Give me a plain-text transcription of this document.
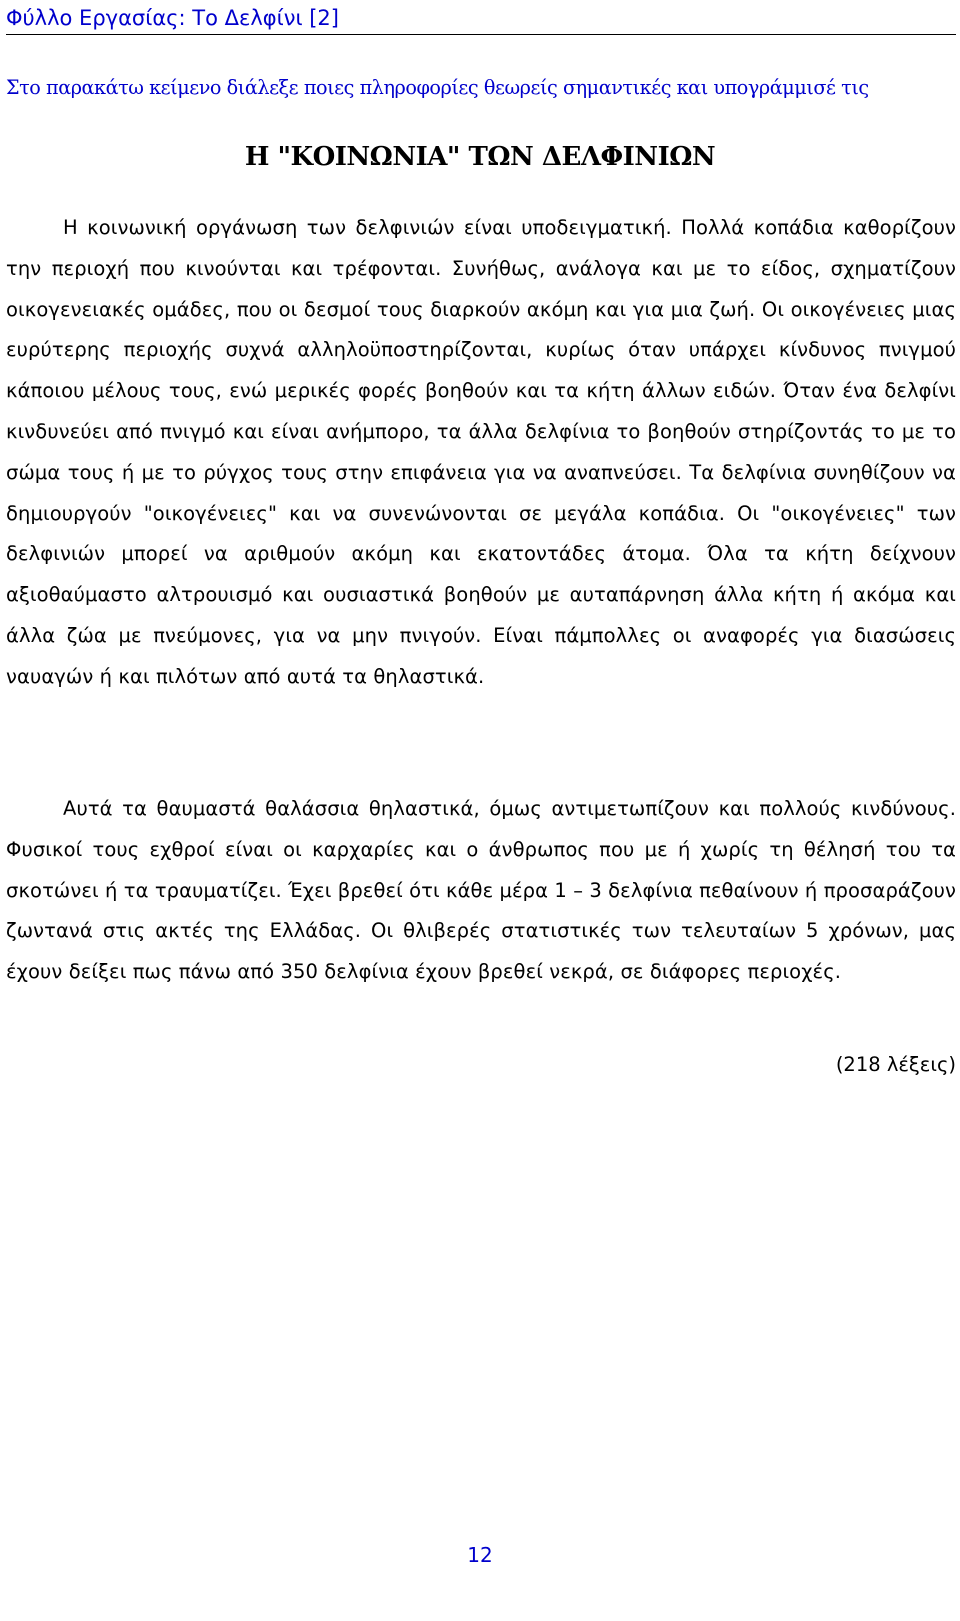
Φύλλο Εργασίας: Το Δελφίνι [2]
Στο παρακάτω κείμενο διάλεξε ποιες πληροφορίες θεωρείς σημαντικές και υπογράμμισέ τις
Η "ΚΟΙΝΩΝΙΑ" ΤΩΝ ΔΕΛΦΙΝΙΩΝ

Η κοινωνική οργάνωση των δελφινιών είναι υποδειγματική. Πολλά κοπάδια καθορίζουν την περιοχή που κινούνται και τρέφονται. Συνήθως, ανάλογα και με το είδος, σχηματίζουν οικογενειακές ομάδες, που οι δεσμοί τους διαρκούν ακόμη και για μια ζωή. Οι οικογένειες μιας ευρύτερης περιοχής συχνά αλληλοϋποστηρίζονται, κυρίως όταν υπάρχει κίνδυνος πνιγμού κάποιου μέλους τους, ενώ μερικές φορές βοηθούν και τα κήτη άλλων ειδών. Όταν ένα δελφίνι κινδυνεύει από πνιγμό και είναι ανήμπορο, τα άλλα δελφίνια το βοηθούν στηρίζοντάς το με το σώμα τους ή με το ρύγχος τους στην επιφάνεια για να αναπνεύσει. Τα δελφίνια συνηθίζουν να δημιουργούν "οικογένειες" και να συνενώνονται σε μεγάλα κοπάδια. Οι "οικογένειες" των δελφινιών μπορεί να αριθμούν ακόμη και εκατοντάδες άτομα. Όλα τα κήτη δείχνουν αξιοθαύμαστο αλτρουισμό και ουσιαστικά βοηθούν με αυταπάρνηση άλλα κήτη ή ακόμα και άλλα ζώα με πνεύμονες, για να μην πνιγούν. Είναι πάμπολλες οι αναφορές για διασώσεις ναυαγών ή και πιλότων από αυτά τα θηλαστικά.

Αυτά τα θαυμαστά θαλάσσια θηλαστικά, όμως αντιμετωπίζουν και πολλούς κινδύνους. Φυσικοί τους εχθροί είναι οι καρχαρίες και ο άνθρωπος που με ή χωρίς τη θέλησή του τα σκοτώνει ή τα τραυματίζει. Έχει βρεθεί ότι κάθε μέρα 1 – 3 δελφίνια πεθαίνουν ή προσαράζουν ζωντανά στις ακτές της Ελλάδας. Οι θλιβερές στατιστικές των τελευταίων 5 χρόνων, μας έχουν δείξει πως πάνω από 350 δελφίνια έχουν βρεθεί νεκρά, σε διάφορες περιοχές.

(218 λέξεις)
12
